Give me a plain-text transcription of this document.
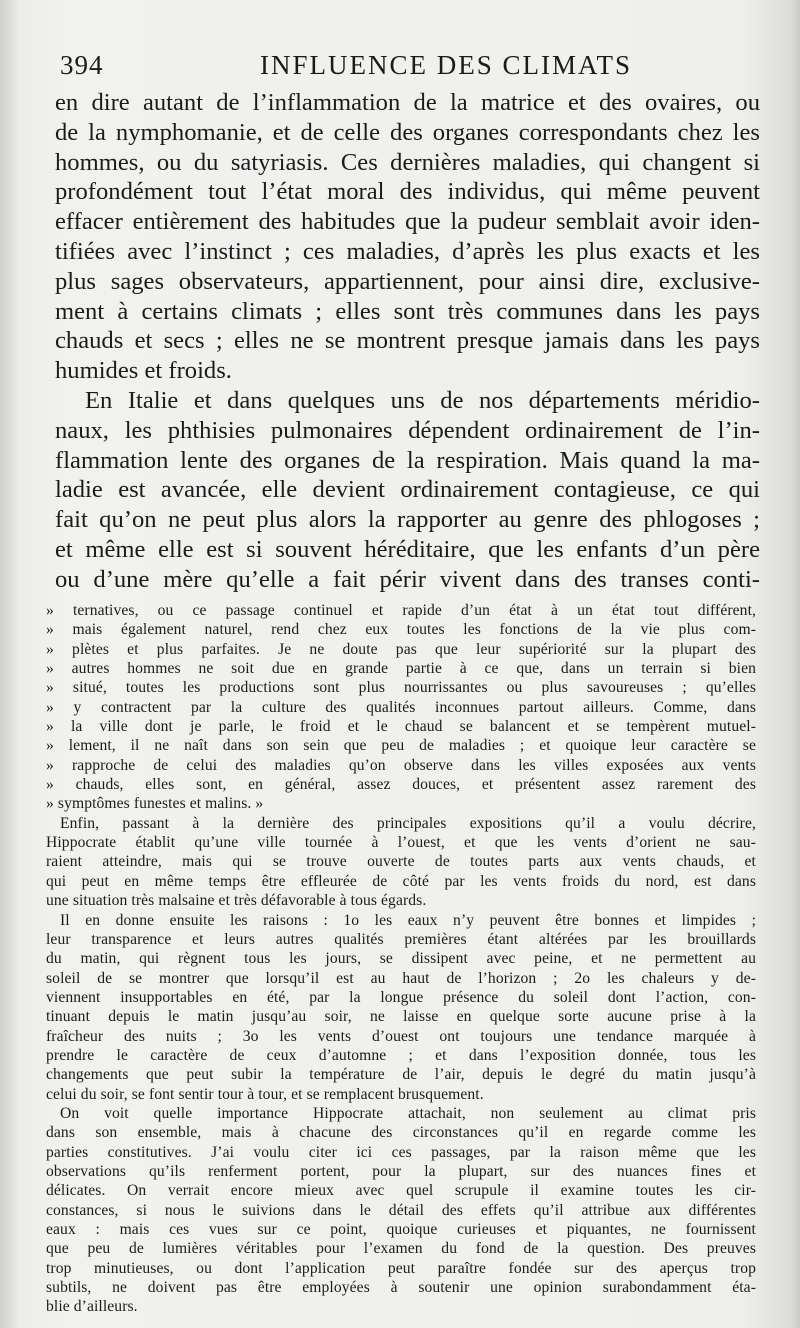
394	INFLUENCE DES CLIMATS

en dire autant de l’inflammation de la matrice et des ovaires, ou
de la nymphomanie, et de celle des organes correspondants chez les
hommes, ou du satyriasis. Ces dernières maladies, qui changent si
profondément tout l’état moral des individus, qui même peuvent
effacer entièrement des habitudes que la pudeur semblait avoir iden-
tifiées avec l’instinct ; ces maladies, d’après les plus exacts et les
plus sages observateurs, appartiennent, pour ainsi dire, exclusive-
ment à certains climats ; elles sont très communes dans les pays
chauds et secs ; elles ne se montrent presque jamais dans les pays
humides et froids.

En Italie et dans quelques uns de nos départements méridio-
naux, les phthisies pulmonaires dépendent ordinairement de l’in-
flammation lente des organes de la respiration. Mais quand la ma-
ladie est avancée, elle devient ordinairement contagieuse, ce qui
fait qu’on ne peut plus alors la rapporter au genre des phlogoses ;
et même elle est si souvent héréditaire, que les enfants d’un père
ou d’une mère qu’elle a fait périr vivent dans des transes conti-

» ternatives, ou ce passage continuel et rapide d’un état à un état tout différent,
» mais également naturel, rend chez eux toutes les fonctions de la vie plus com-
» plètes et plus parfaites. Je ne doute pas que leur supériorité sur la plupart des
» autres hommes ne soit due en grande partie à ce que, dans un terrain si bien
» situé, toutes les productions sont plus nourrissantes ou plus savoureuses ; qu’elles
» y contractent par la culture des qualités inconnues partout ailleurs. Comme, dans
» la ville dont je parle, le froid et le chaud se balancent et se tempèrent mutuel-
» lement, il ne naît dans son sein que peu de maladies ; et quoique leur caractère se
» rapproche de celui des maladies qu’on observe dans les villes exposées aux vents
» chauds, elles sont, en général, assez douces, et présentent assez rarement des
» symptômes funestes et malins. »
Enfin, passant à la dernière des principales expositions qu’il a voulu décrire,
Hippocrate établit qu’une ville tournée à l’ouest, et que les vents d’orient ne sau-
raient atteindre, mais qui se trouve ouverte de toutes parts aux vents chauds, et
qui peut en même temps être effleurée de côté par les vents froids du nord, est dans
une situation très malsaine et très défavorable à tous égards.
Il en donne ensuite les raisons : 1o les eaux n’y peuvent être bonnes et limpides ;
leur transparence et leurs autres qualités premières étant altérées par les brouillards
du matin, qui règnent tous les jours, se dissipent avec peine, et ne permettent au
soleil de se montrer que lorsqu’il est au haut de l’horizon ; 2o les chaleurs y de-
viennent insupportables en été, par la longue présence du soleil dont l’action, con-
tinuant depuis le matin jusqu’au soir, ne laisse en quelque sorte aucune prise à la
fraîcheur des nuits ; 3o les vents d’ouest ont toujours une tendance marquée à
prendre le caractère de ceux d’automne ; et dans l’exposition donnée, tous les
changements que peut subir la température de l’air, depuis le degré du matin jusqu’à
celui du soir, se font sentir tour à tour, et se remplacent brusquement.
On voit quelle importance Hippocrate attachait, non seulement au climat pris
dans son ensemble, mais à chacune des circonstances qu’il en regarde comme les
parties constitutives. J’ai voulu citer ici ces passages, par la raison même que les
observations qu’ils renferment portent, pour la plupart, sur des nuances fines et
délicates. On verrait encore mieux avec quel scrupule il examine toutes les cir-
constances, si nous le suivions dans le détail des effets qu’il attribue aux différentes
eaux : mais ces vues sur ce point, quoique curieuses et piquantes, ne fournissent
que peu de lumières véritables pour l’examen du fond de la question. Des preuves
trop minutieuses, ou dont l’application peut paraître fondée sur des aperçus trop
subtils, ne doivent pas être employées à soutenir une opinion surabondamment éta-
blie d’ailleurs.
